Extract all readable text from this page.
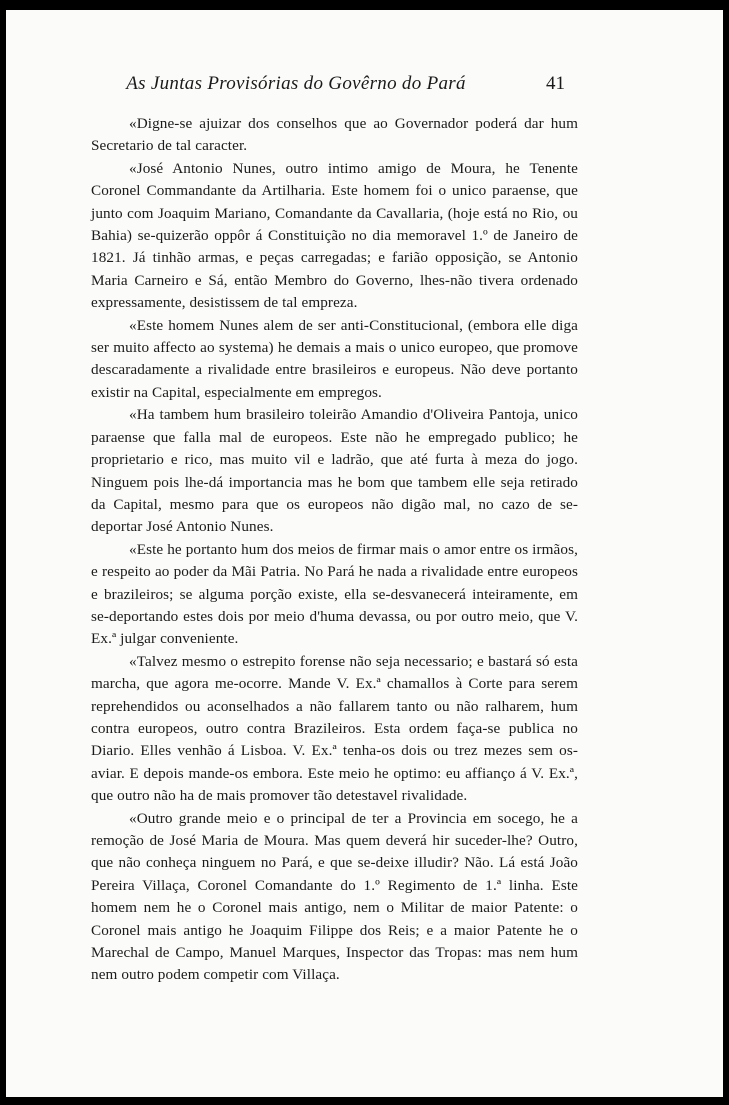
As Juntas Provisórias do Govêrno do Pará	41

«Digne-se ajuizar dos conselhos que ao Governador poderá dar hum Secretario de tal caracter.

«José Antonio Nunes, outro intimo amigo de Moura, he Tenente Coronel Commandante da Artilharia. Este homem foi o unico paraense, que junto com Joaquim Mariano, Comandante da Cavallaria, (hoje está no Rio, ou Bahia) se-quizerão oppôr á Constituição no dia memoravel 1.º de Janeiro de 1821. Já tinhão armas, e peças carregadas; e farião opposição, se Antonio Maria Carneiro e Sá, então Membro do Governo, lhes-não tivera ordenado expressamente, desistissem de tal empreza.

«Este homem Nunes alem de ser anti-Constitucional, (embora elle diga ser muito affecto ao systema) he demais a mais o unico europeo, que promove descaradamente a rivalidade entre brasileiros e europeus. Não deve portanto existir na Capital, especialmente em empregos.

«Ha tambem hum brasileiro toleirão Amandio d'Oliveira Pantoja, unico paraense que falla mal de europeos. Este não he empregado publico; he proprietario e rico, mas muito vil e ladrão, que até furta à meza do jogo. Ninguem pois lhe-dá importancia mas he bom que tambem elle seja retirado da Capital, mesmo para que os europeos não digão mal, no cazo de se-deportar José Antonio Nunes.

«Este he portanto hum dos meios de firmar mais o amor entre os irmãos, e respeito ao poder da Mãi Patria. No Pará he nada a rivalidade entre europeos e brazileiros; se alguma porção existe, ella se-desvanecerá inteiramente, em se-deportando estes dois por meio d'huma devassa, ou por outro meio, que V. Ex.ª julgar conveniente.

«Talvez mesmo o estrepito forense não seja necessario; e bastará só esta marcha, que agora me-ocorre. Mande V. Ex.ª chamallos à Corte para serem reprehendidos ou aconselhados a não fallarem tanto ou não ralharem, hum contra europeos, outro contra Brazileiros. Esta ordem faça-se publica no Diario. Elles venhão á Lisboa. V. Ex.ª tenha-os dois ou trez mezes sem os-aviar. E depois mande-os embora. Este meio he optimo: eu affianço á V. Ex.ª, que outro não ha de mais promover tão detestavel rivalidade.

«Outro grande meio e o principal de ter a Provincia em socego, he a remoção de José Maria de Moura. Mas quem deverá hir suceder-lhe? Outro, que não conheça ninguem no Pará, e que se-deixe illudir? Não. Lá está João Pereira Villaça, Coronel Comandante do 1.º Regimento de 1.ª linha. Este homem nem he o Coronel mais antigo, nem o Militar de maior Patente: o Coronel mais antigo he Joaquim Filippe dos Reis; e a maior Patente he o Marechal de Campo, Manuel Marques, Inspector das Tropas: mas nem hum nem outro podem competir com Villaça.
